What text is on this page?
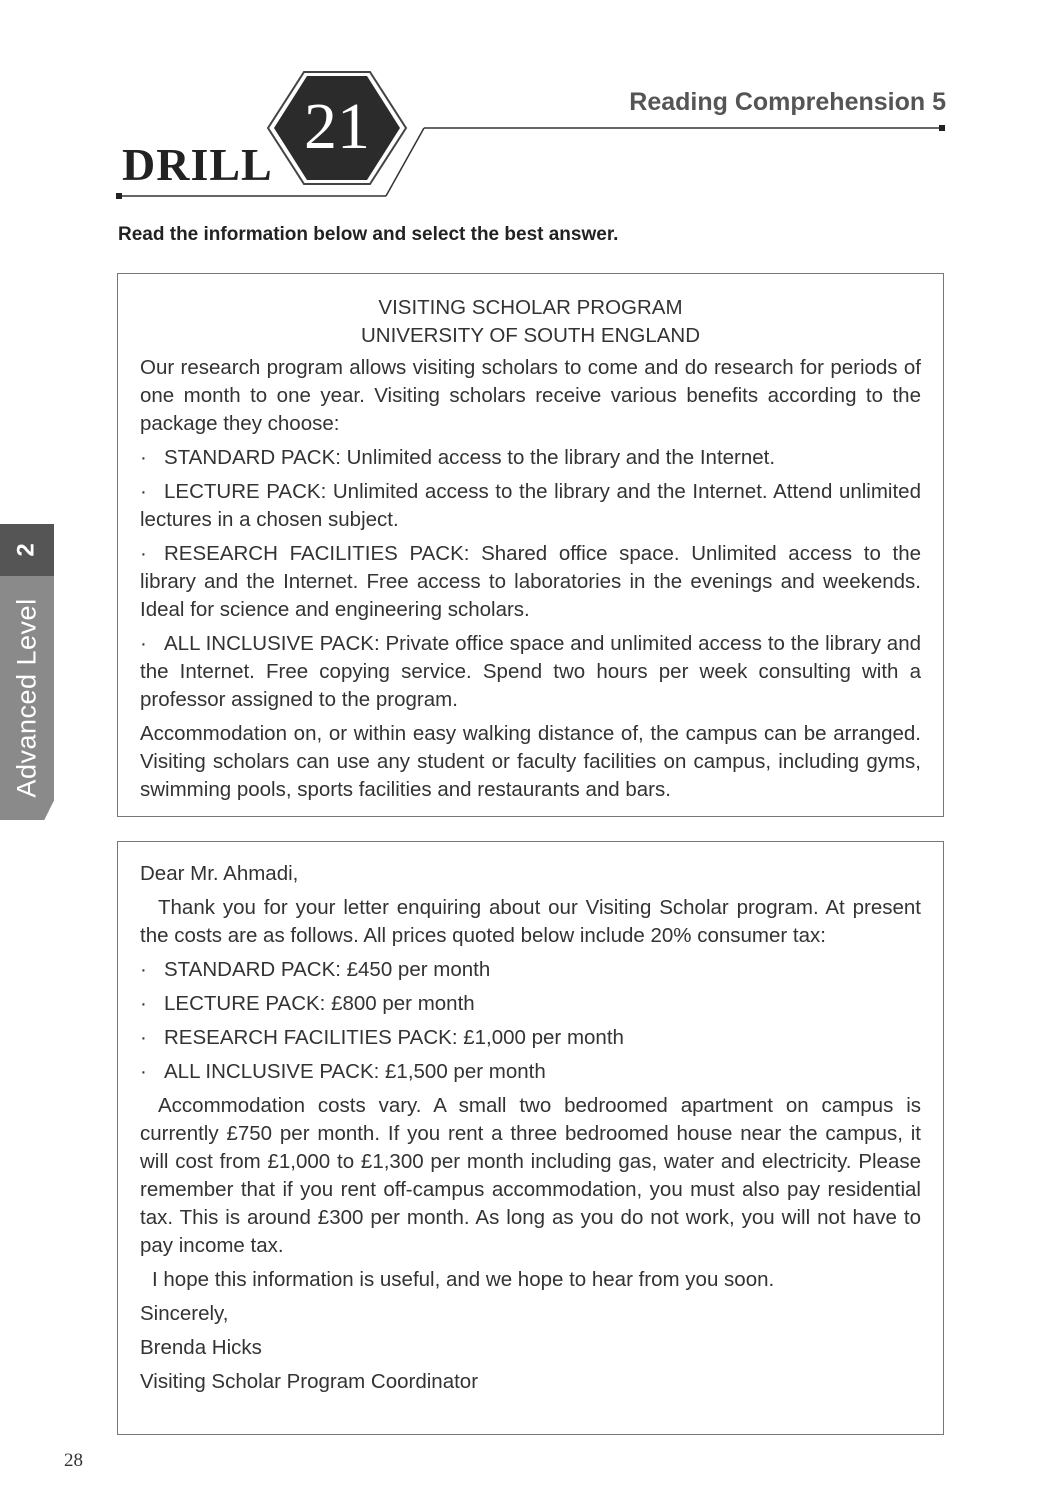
DRILL
21	Reading Comprehension 5
Read the information below and select the best answer.
2
Advanced Level

VISITING SCHOLAR PROGRAM

UNIVERSITY OF SOUTH ENGLAND

Our research program allows visiting scholars to come and do research for periods of one month to one year. Visiting scholars receive various benefits according to the package they choose:

· STANDARD PACK: Unlimited access to the library and the Internet.

· LECTURE PACK: Unlimited access to the library and the Internet. Attend unlimited lectures in a chosen subject.

· RESEARCH FACILITIES PACK: Shared office space. Unlimited access to the library and the Internet. Free access to laboratories in the evenings and weekends. Ideal for science and engineering scholars.

· ALL INCLUSIVE PACK: Private office space and unlimited access to the library and the Internet. Free copying service. Spend two hours per week consulting with a professor assigned to the program.

Accommodation on, or within easy walking distance of, the campus can be arranged. Visiting scholars can use any student or faculty facilities on campus, including gyms, swimming pools, sports facilities and restaurants and bars.

Dear Mr. Ahmadi,

Thank you for your letter enquiring about our Visiting Scholar program. At present the costs are as follows. All prices quoted below include 20% consumer tax:

· STANDARD PACK: £450 per month

· LECTURE PACK: £800 per month

· RESEARCH FACILITIES PACK: £1,000 per month

· ALL INCLUSIVE PACK: £1,500 per month

Accommodation costs vary. A small two bedroomed apartment on campus is currently £750 per month. If you rent a three bedroomed house near the campus, it will cost from £1,000 to £1,300 per month including gas, water and electricity. Please remember that if you rent off-campus accommodation, you must also pay residential tax. This is around £300 per month. As long as you do not work, you will not have to pay income tax.

I hope this information is useful, and we hope to hear from you soon.

Sincerely,

Brenda Hicks

Visiting Scholar Program Coordinator

28
